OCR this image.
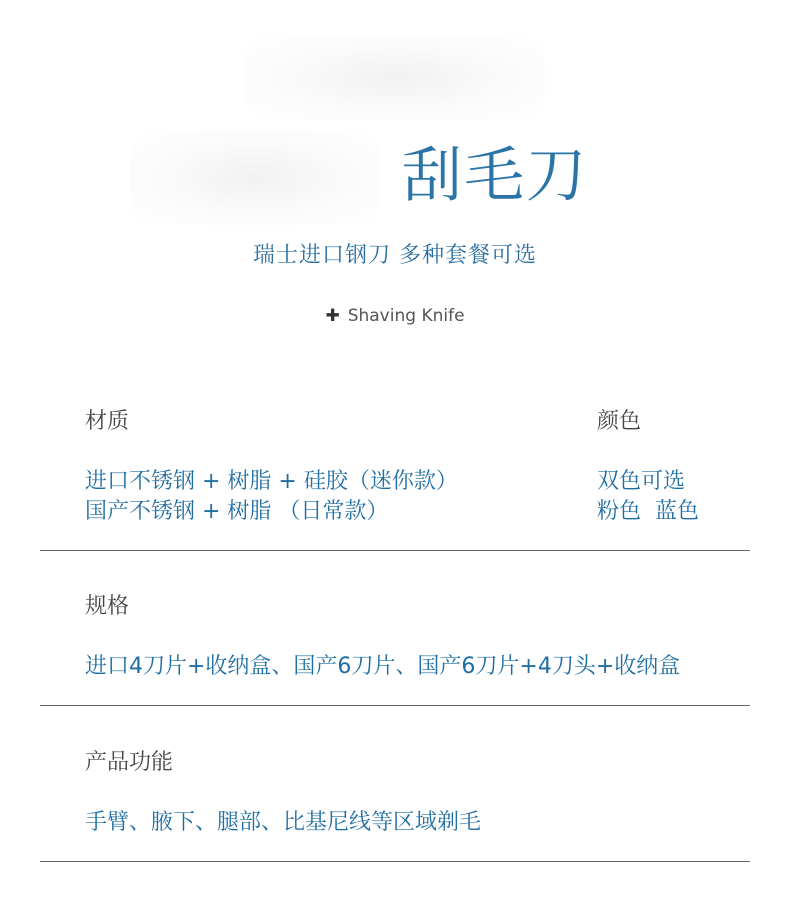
刮毛刀
瑞士进口钢刀 多种套餐可选
✚ Shaving Knife
材质	颜色
进口不锈钢 + 树脂 + 硅胶（迷你款）
国产不锈钢 + 树脂 （日常款）
双色可选
粉色  蓝色
规格
进口4刀片+收纳盒、国产6刀片、国产6刀片+4刀头+收纳盒
产品功能
手臂、腋下、腿部、比基尼线等区域剃毛
